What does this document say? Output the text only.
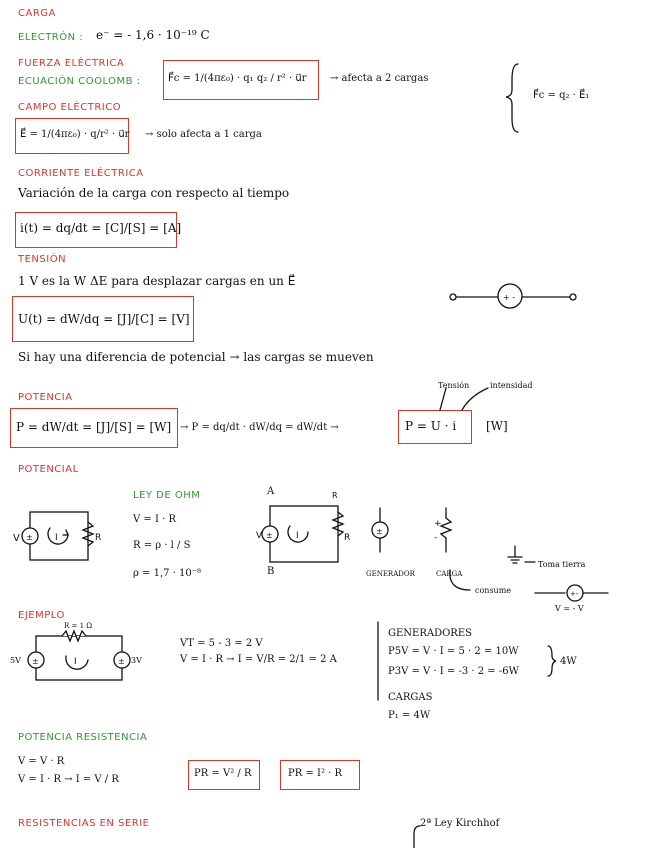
CARGA
ELECTRÓN : e⁻ = - 1,6 · 10⁻¹⁹ C
FUERZA ELÉCTRICA
ECUACIÓN COOLOMB :	F⃗c = 1/(4πε₀) · q₁ q₂ / r² · u⃗r → afecta a 2 cargas
F⃗c = q₂ · E⃗₁
CAMPO ELÉCTRICO
E⃗ = 1/(4πε₀) · q/r² · u⃗r → solo afecta a 1 carga
CORRIENTE ELÉCTRICA
Variación de la carga con respecto al tiempo
i(t) = dq/dt = [C]/[S] = [A]
TENSIÓN
1 V es la W ΔE para desplazar cargas en un E⃗
U(t) = dW/dq = [J]/[C] = [V]
Si hay una diferencia de potencial → las cargas se mueven
POTENCIA
P = dW/dt = [J]/[S] = [W] → P = dq/dt · dW/dq = dW/dt →	P = U · i [W]
Tensión	intensidad
POTENCIAL
LEY DE OHM
V = I · R
R = ρ · l / S
ρ = 1,7 · 10⁻⁸
A
B	GENERADOR	CARGA
consume
Toma tierra
V = - V
EJEMPLO
R = 1 Ω
5V	3V
VT = 5 - 3 = 2 V
V = I · R → I = V/R = 2/1 = 2 A
GENERADORES
P5V = V · I = 5 · 2 = 10W
P3V = V · I = -3 · 2 = -6W
4W
CARGAS
P₁ = 4W
POTENCIA RESISTENCIA
V = V · R
V = I · R → I = V / R
PR = V² / R	PR = I² · R
RESISTENCIAS EN SERIE	2ª Ley Kirchhof
+ -
±
V	I	R	±	I	R
V
R
±
+
-
+-
±	±
I
